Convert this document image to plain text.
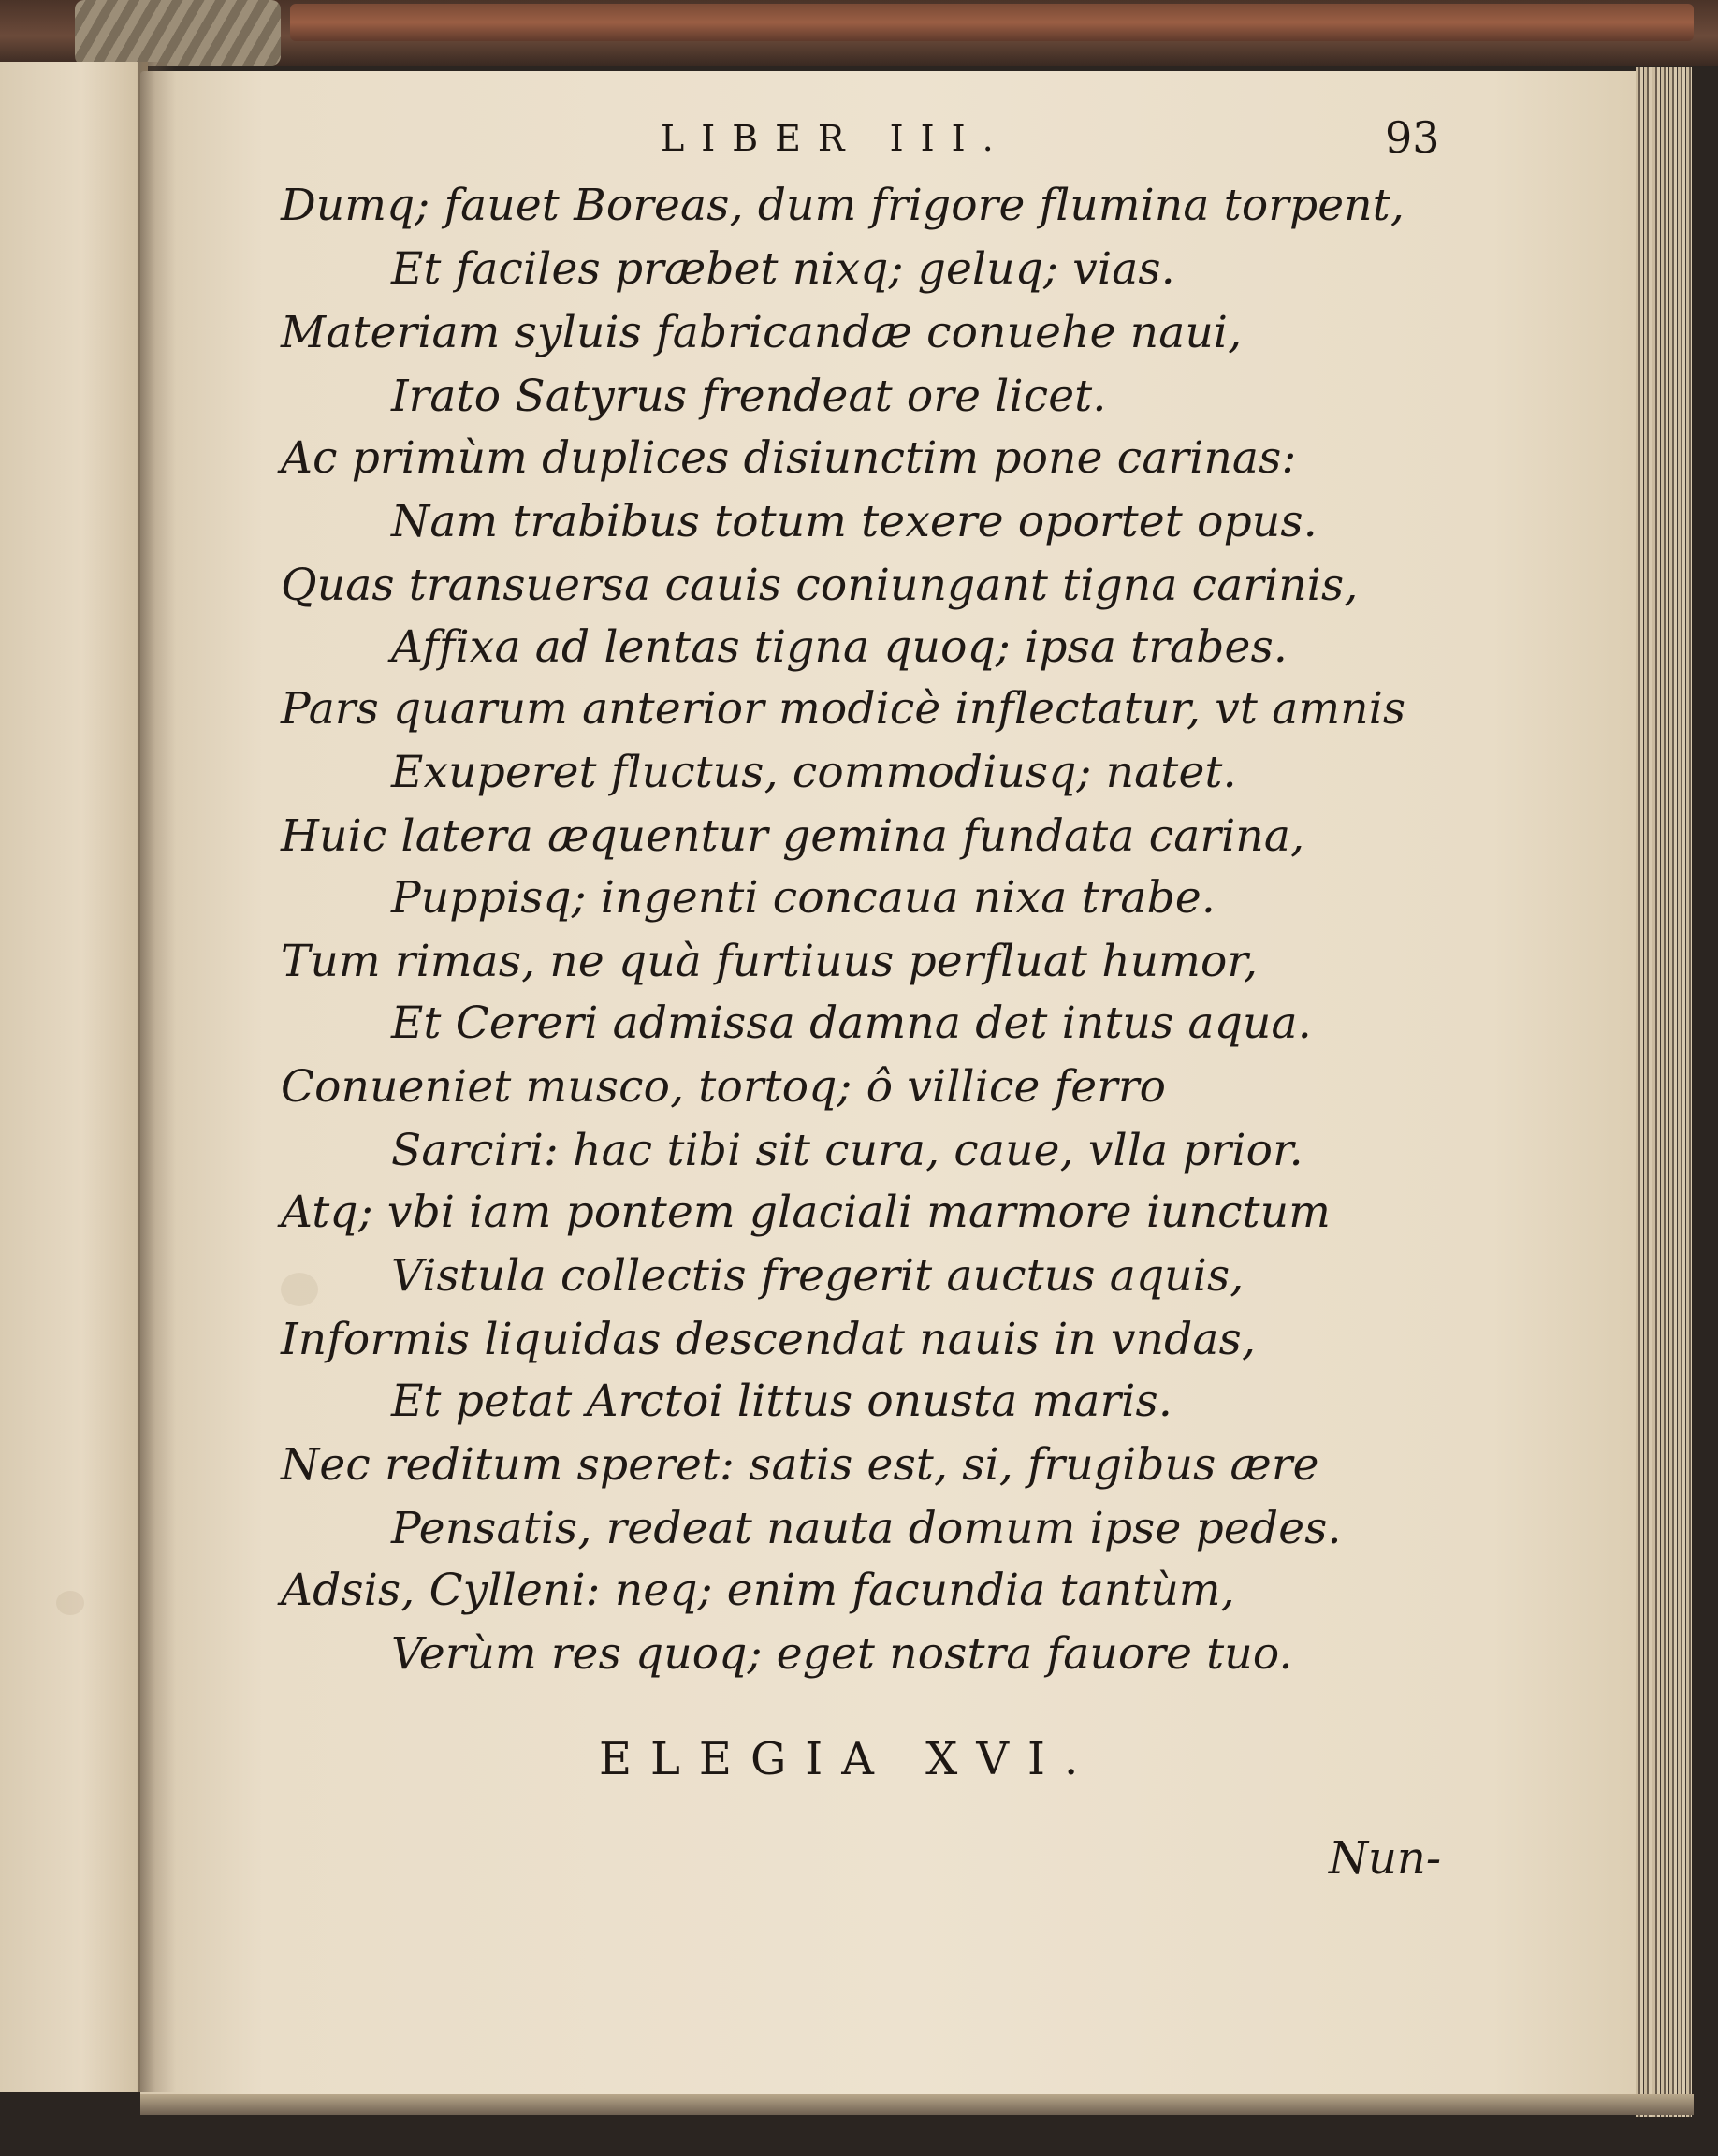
LIBER III.	93
Dumq; fauet Boreas, dum frigore flumina torpent,
Et faciles præbet nixq; geluq; vias.
Materiam syluis fabricandæ conuehe naui,
Irato Satyrus frendeat ore licet.
Ac primùm duplices disiunctim pone carinas:
Nam trabibus totum texere oportet opus.
Quas transuersa cauis coniungant tigna carinis,
Affixa ad lentas tigna quoq; ipsa trabes.
Pars quarum anterior modicè inflectatur, vt amnis
Exuperet fluctus, commodiusq; natet.
Huic latera æquentur gemina fundata carina,
Puppisq; ingenti concaua nixa trabe.
Tum rimas, ne quà furtiuus perfluat humor,
Et Cereri admissa damna det intus aqua.
Conueniet musco, tortoq; ô villice ferro
Sarciri: hac tibi sit cura, caue, vlla prior.
Atq; vbi iam pontem glaciali marmore iunctum
Vistula collectis fregerit auctus aquis,
Informis liquidas descendat nauis in vndas,
Et petat Arctoi littus onusta maris.
Nec reditum speret: satis est, si, frugibus ære
Pensatis, redeat nauta domum ipse pedes.
Adsis, Cylleni: neq; enim facundia tantùm,
Verùm res quoq; eget nostra fauore tuo.
ELEGIA XVI.
Nun-
